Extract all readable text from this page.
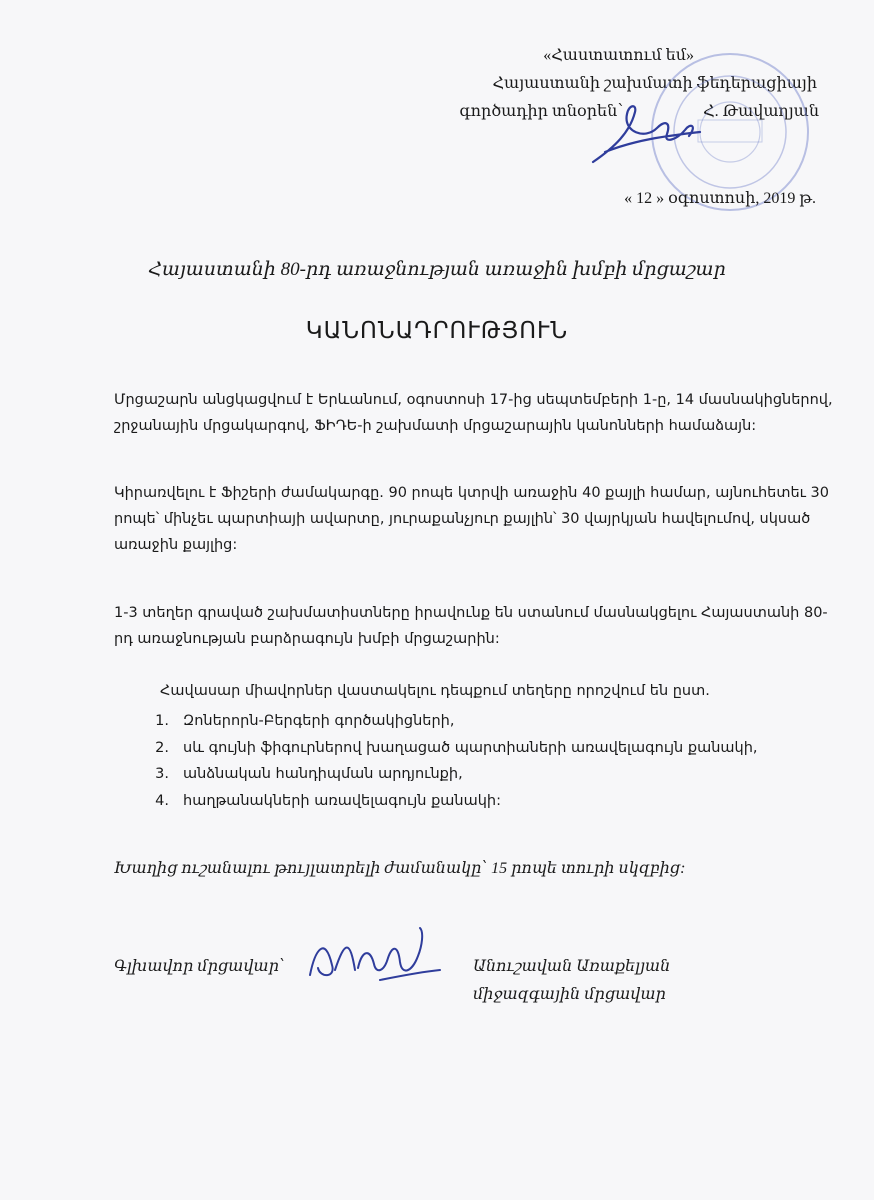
«Հաստատում եմ»
Հայաստանի շախմատի ֆեդերացիայի
գործադիր տնօրեն՝	Հ. Թավաղյան
« 12 » օգոստոսի, 2019 թ.
Հայաստանի 80-րդ առաջնության առաջին խմբի մրցաշար
ԿԱՆՈՆԱԴՐՈՒԹՅՈՒՆ
Մրցաշարն անցկացվում է Երևանում, օգոստոսի 17-ից սեպտեմբերի 1-ը, 14 մասնակիցներով, շրջանային մրցակարգով, ՖԻԴԵ-ի շախմատի մրցաշարային կանոնների համաձայն:
Կիրառվելու է Ֆիշերի ժամակարգը. 90 րոպե կտրվի առաջին 40 քայլի համար, այնուհետեւ 30 րոպե՝ մինչեւ պարտիայի ավարտը, յուրաքանչյուր քայլին՝ 30 վայրկյան հավելումով, սկսած առաջին քայլից:
1-3 տեղեր գրաված շախմատիստները իրավունք են ստանում մասնակցելու Հայաստանի 80-րդ առաջնության բարձրագույն խմբի մրցաշարին:
Հավասար միավորներ վաստակելու դեպքում տեղերը որոշվում են ըստ.
1. Զոներորն-Բերգերի գործակիցների,
2. սև գույնի ֆիգուրներով խաղացած պարտիաների առավելագույն քանակի,
3. անձնական հանդիպման արդյունքի,
4. հաղթանակների առավելագույն քանակի:
Խաղից ուշանալու թույլատրելի ժամանակը՝ 15 րոպե տուրի սկզբից:
Գլխավոր մրցավար՝	Անուշավան Առաքելյան
միջազգային մրցավար
